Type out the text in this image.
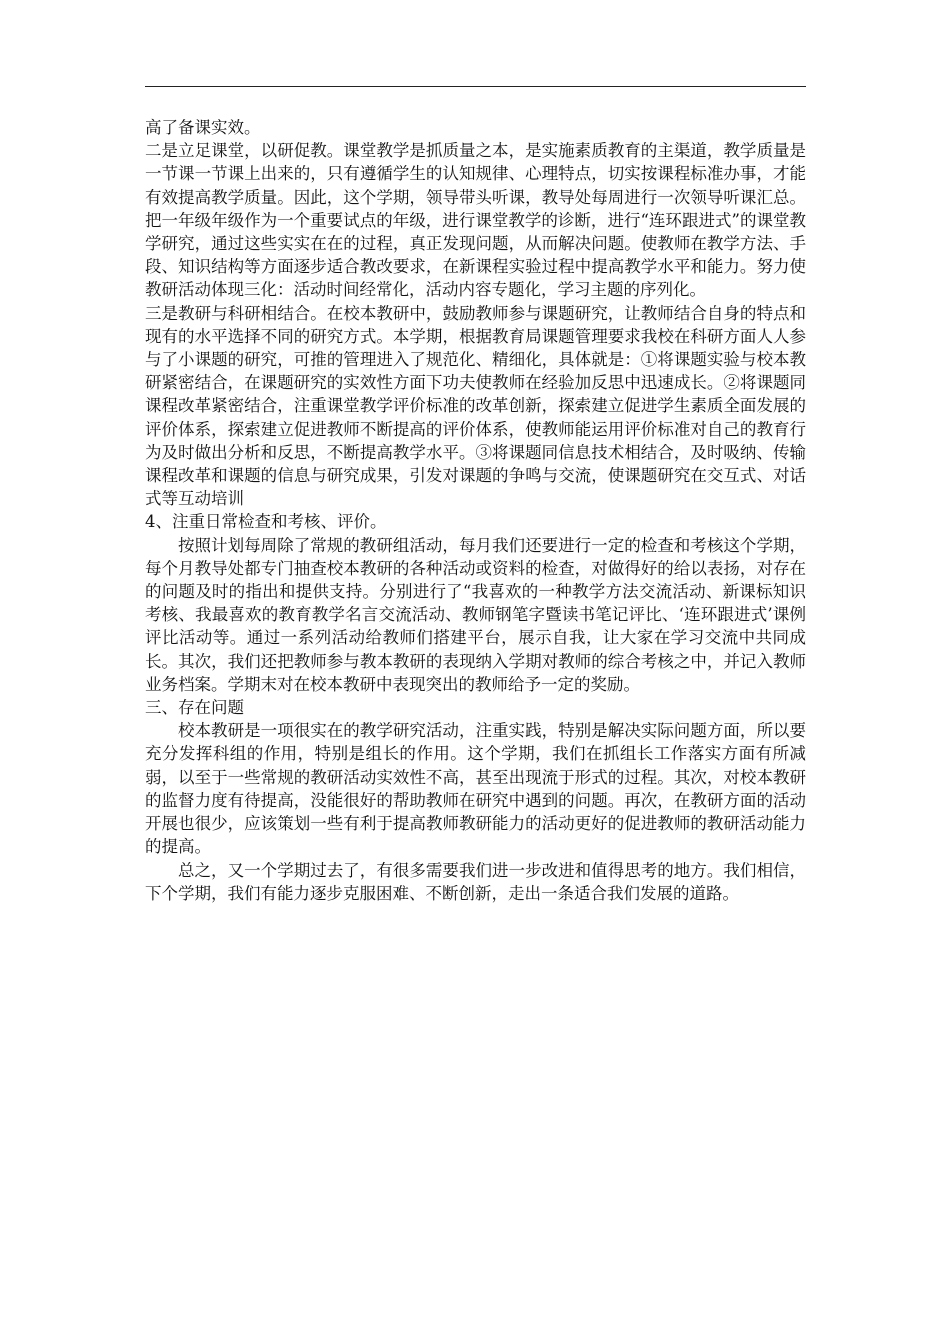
高了备课实效。

二是立足课堂，以研促教。课堂教学是抓质量之本，是实施素质教育的主渠道，教学质量是一节课一节课上出来的，只有遵循学生的认知规律、心理特点，切实按课程标准办事，才能有效提高教学质量。因此，这个学期，领导带头听课，教导处每周进行一次领导听课汇总。把一年级年级作为一个重要试点的年级，进行课堂教学的诊断，进行“连环跟进式”的课堂教学研究，通过这些实实在在的过程，真正发现问题，从而解决问题。使教师在教学方法、手段、知识结构等方面逐步适合教改要求，在新课程实验过程中提高教学水平和能力。努力使教研活动体现三化：活动时间经常化，活动内容专题化，学习主题的序列化。

三是教研与科研相结合。在校本教研中，鼓励教师参与课题研究，让教师结合自身的特点和现有的水平选择不同的研究方式。本学期，根据教育局课题管理要求我校在科研方面人人参与了小课题的研究，可推的管理进入了规范化、精细化，具体就是：①将课题实验与校本教研紧密结合，在课题研究的实效性方面下功夫使教师在经验加反思中迅速成长。②将课题同课程改革紧密结合，注重课堂教学评价标准的改革创新，探索建立促进学生素质全面发展的评价体系，探索建立促进教师不断提高的评价体系，使教师能运用评价标准对自己的教育行为及时做出分析和反思，不断提高教学水平。③将课题同信息技术相结合，及时吸纳、传输课程改革和课题的信息与研究成果，引发对课题的争鸣与交流，使课题研究在交互式、对话式等互动培训

4、注重日常检查和考核、评价。

按照计划每周除了常规的教研组活动，每月我们还要进行一定的检查和考核这个学期，每个月教导处都专门抽查校本教研的各种活动或资料的检查，对做得好的给以表扬，对存在的问题及时的指出和提供支持。分别进行了“我喜欢的一种教学方法交流活动、新课标知识考核、我最喜欢的教育教学名言交流活动、教师钢笔字暨读书笔记评比、‘连环跟进式’课例评比活动等。通过一系列活动给教师们搭建平台，展示自我，让大家在学习交流中共同成长。其次，我们还把教师参与教本教研的表现纳入学期对教师的综合考核之中，并记入教师业务档案。学期末对在校本教研中表现突出的教师给予一定的奖励。

三、存在问题

校本教研是一项很实在的教学研究活动，注重实践，特别是解决实际问题方面，所以要充分发挥科组的作用，特别是组长的作用。这个学期，我们在抓组长工作落实方面有所减弱，以至于一些常规的教研活动实效性不高，甚至出现流于形式的过程。其次，对校本教研的监督力度有待提高，没能很好的帮助教师在研究中遇到的问题。再次，在教研方面的活动开展也很少，应该策划一些有利于提高教师教研能力的活动更好的促进教师的教研活动能力的提高。

总之，又一个学期过去了，有很多需要我们进一步改进和值得思考的地方。我们相信，下个学期，我们有能力逐步克服困难、不断创新，走出一条适合我们发展的道路。
